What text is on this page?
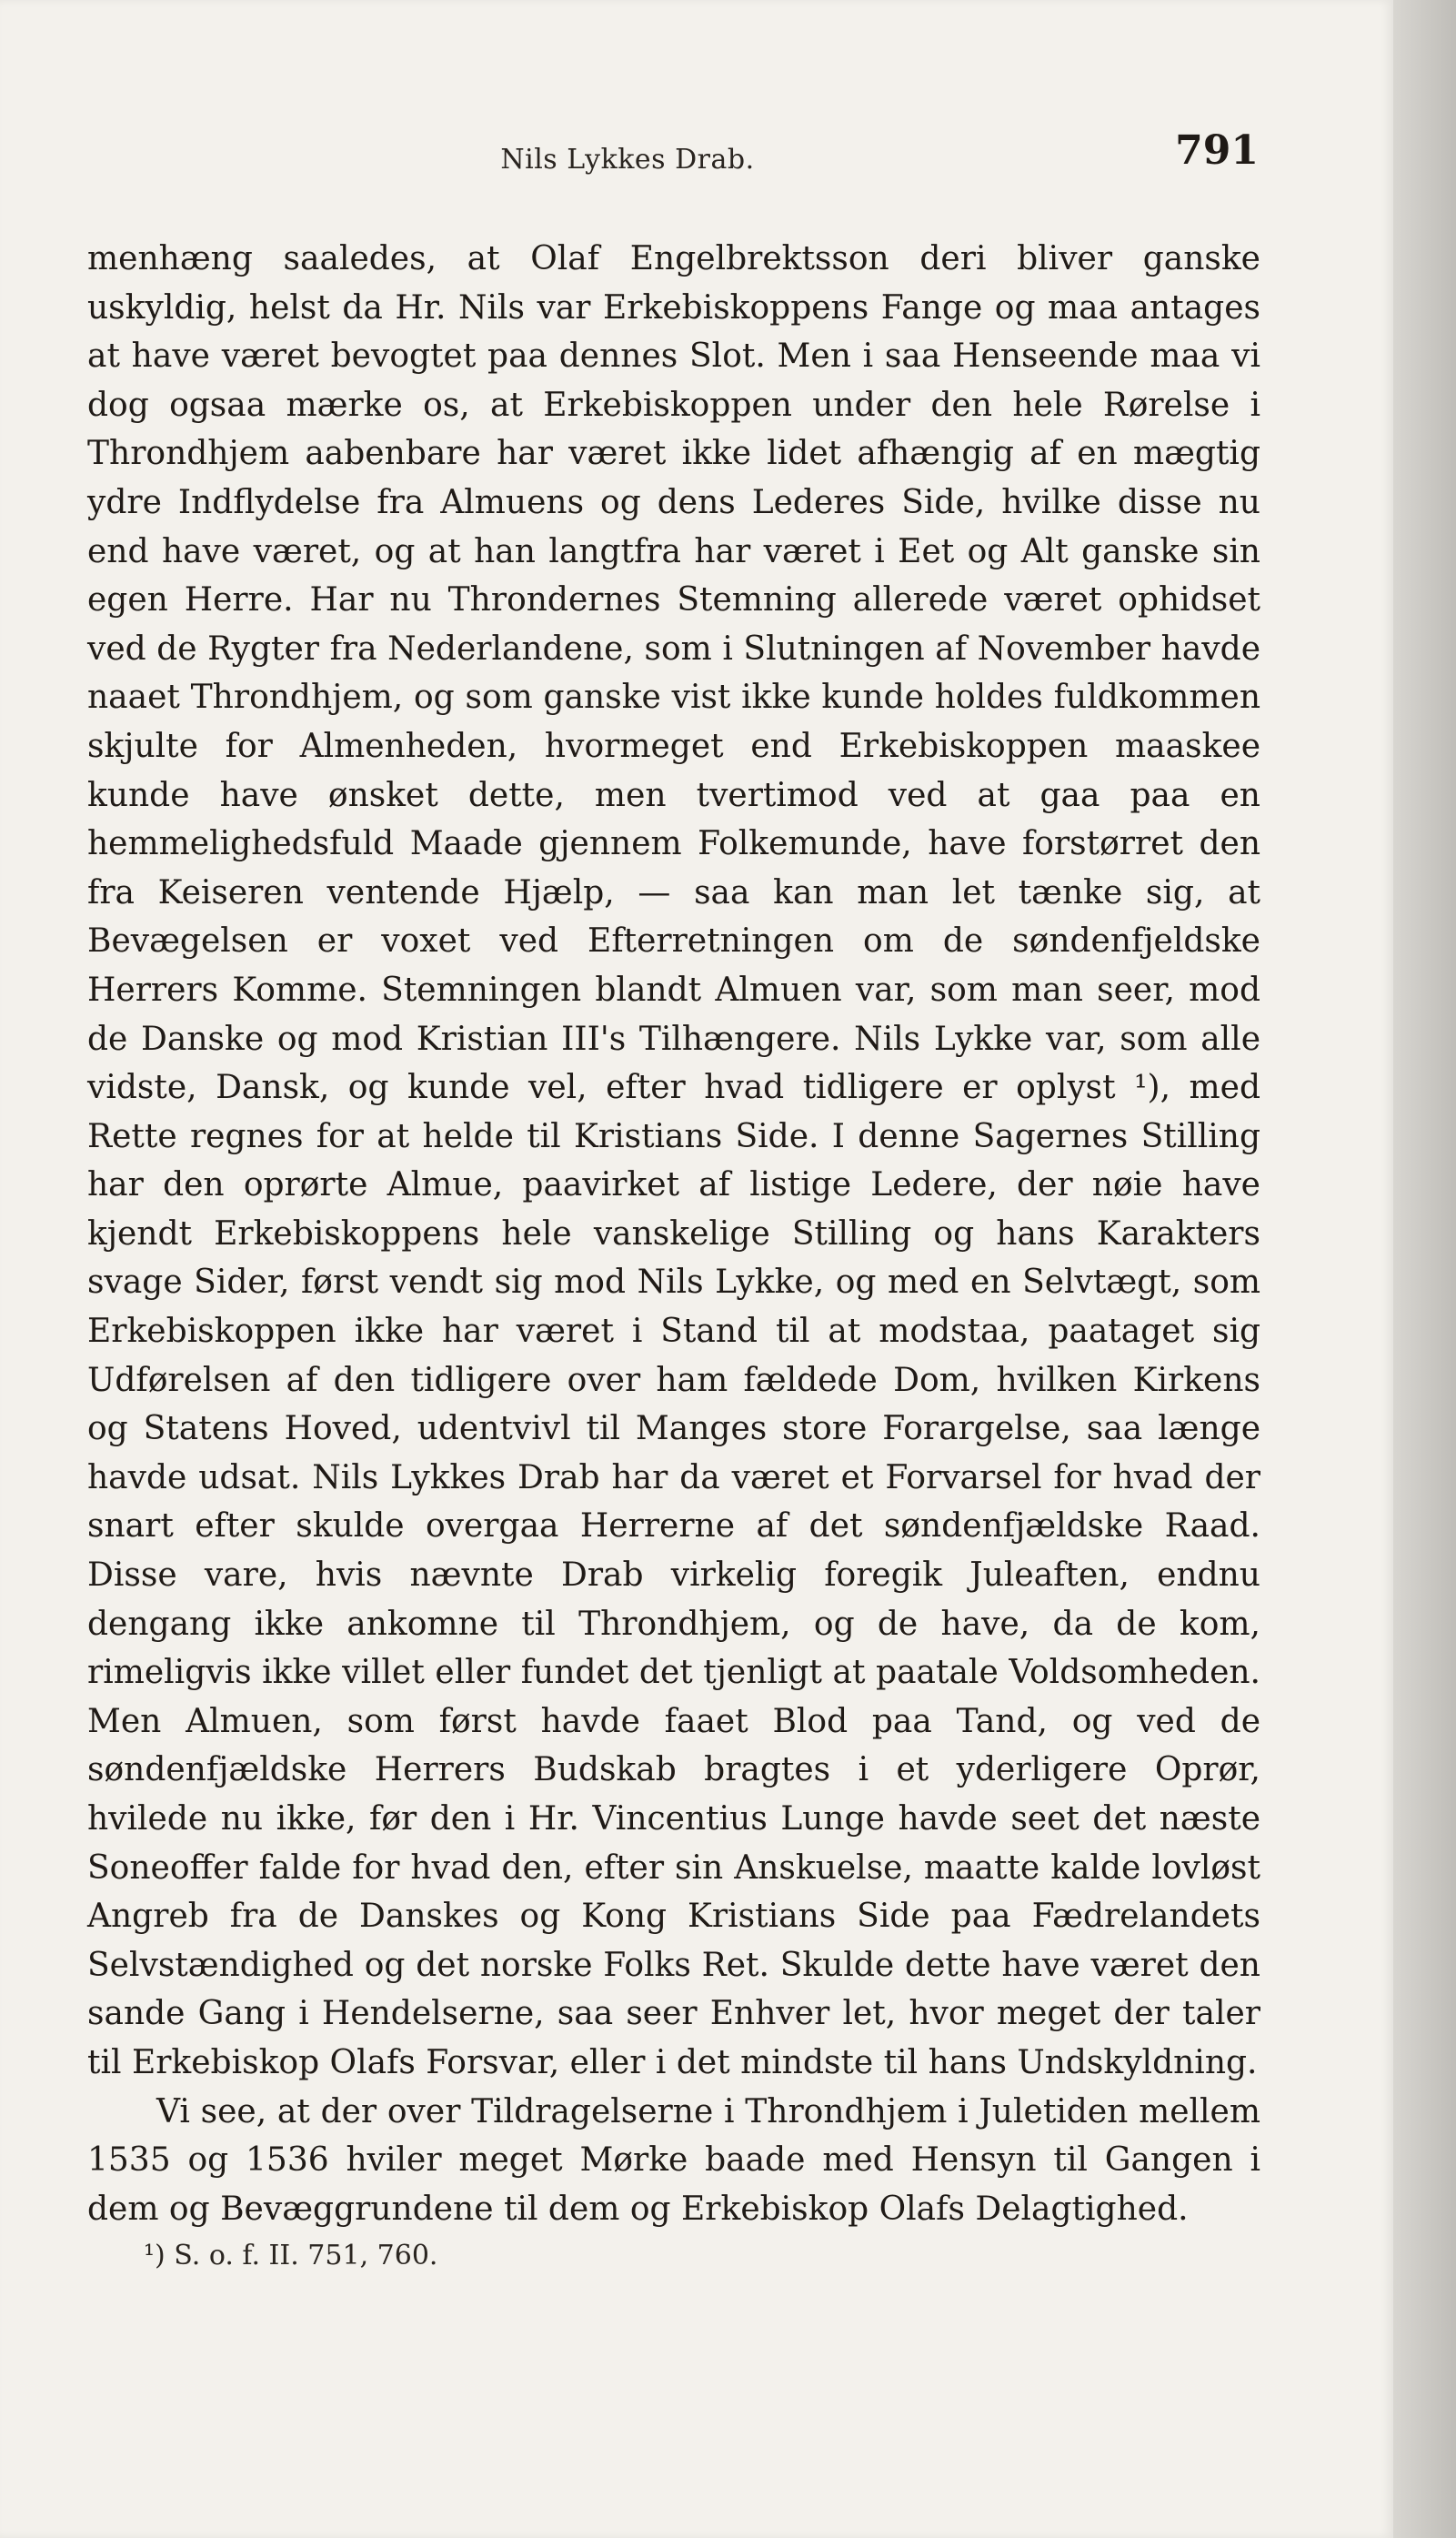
Nils Lykkes Drab.	791

menhæng saaledes, at Olaf Engelbrektsson deri bliver ganske uskyldig, helst da Hr. Nils var Erkebiskoppens Fange og maa antages at have været bevogtet paa dennes Slot. Men i saa Henseende maa vi dog ogsaa mærke os, at Erkebiskoppen under den hele Rørelse i Throndhjem aabenbare har været ikke lidet afhængig af en mægtig ydre Indflydelse fra Almuens og dens Lederes Side, hvilke disse nu end have været, og at han langtfra har været i Eet og Alt ganske sin egen Herre. Har nu Throndernes Stemning allerede været ophidset ved de Rygter fra Nederlandene, som i Slutningen af November havde naaet Throndhjem, og som ganske vist ikke kunde holdes fuldkommen skjulte for Almenheden, hvormeget end Erkebiskoppen maaskee kunde have ønsket dette, men tvertimod ved at gaa paa en hemmelighedsfuld Maade gjennem Folkemunde, have forstørret den fra Keiseren ventende Hjælp, — saa kan man let tænke sig, at Bevægelsen er voxet ved Efterretningen om de søndenfjeldske Herrers Komme. Stemningen blandt Almuen var, som man seer, mod de Danske og mod Kristian III's Tilhængere. Nils Lykke var, som alle vidste, Dansk, og kunde vel, efter hvad tidligere er oplyst ¹), med Rette regnes for at helde til Kristians Side. I denne Sagernes Stilling har den oprørte Almue, paavirket af listige Ledere, der nøie have kjendt Erkebiskoppens hele vanskelige Stilling og hans Karakters svage Sider, først vendt sig mod Nils Lykke, og med en Selvtægt, som Erkebiskoppen ikke har været i Stand til at modstaa, paataget sig Udførelsen af den tidligere over ham fældede Dom, hvilken Kirkens og Statens Hoved, udentvivl til Manges store Forargelse, saa længe havde udsat. Nils Lykkes Drab har da været et Forvarsel for hvad der snart efter skulde overgaa Herrerne af det søndenfjældske Raad. Disse vare, hvis nævnte Drab virkelig foregik Juleaften, endnu dengang ikke ankomne til Throndhjem, og de have, da de kom, rimeligvis ikke villet eller fundet det tjenligt at paatale Voldsomheden. Men Almuen, som først havde faaet Blod paa Tand, og ved de søndenfjældske Herrers Budskab bragtes i et yderligere Oprør, hvilede nu ikke, før den i Hr. Vincentius Lunge havde seet det næste Soneoffer falde for hvad den, efter sin Anskuelse, maatte kalde lovløst Angreb fra de Danskes og Kong Kristians Side paa Fædrelandets Selvstændighed og det norske Folks Ret. Skulde dette have været den sande Gang i Hendelserne, saa seer Enhver let, hvor meget der taler til Erkebiskop Olafs Forsvar, eller i det mindste til hans Undskyldning.

Vi see, at der over Tildragelserne i Throndhjem i Juletiden mellem 1535 og 1536 hviler meget Mørke baade med Hensyn til Gangen i dem og Bevæggrundene til dem og Erkebiskop Olafs Delagtighed.

¹) S. o. f. II. 751, 760.
